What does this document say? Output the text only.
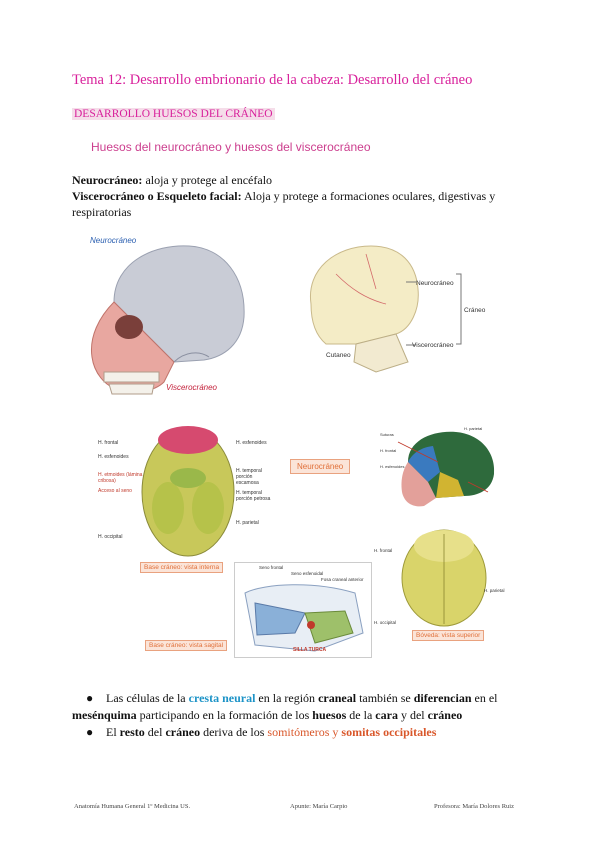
Tema 12: Desarrollo embrionario de la cabeza: Desarrollo del cráneo
DESARROLLO HUESOS DEL CRÁNEO
Huesos del neurocráneo y huesos del viscerocráneo
Neurocráneo: aloja y protege al encéfalo
Viscerocráneo o Esqueleto facial: Aloja y protege a formaciones oculares, digestivas y respiratorias
Neurocráneo
Viscerocráneo
Neurocráneo
Viscerocráneo
Cráneo
Cutaneo
H. frontal
H. esfenoides
H. etmoides (lámina cribosa)
Acceso al seno
H. esfenoides
H. temporal porción escamosa
H. temporal porción petrosa
H. parietal
H. occipital
Base cráneo: vista interna
Neurocráneo
H. parietal
Suturas
H. frontal
H. esfenoides
Seno frontal
Seno esfenoidal
Fosa craneal anterior
SILLA TURCA
Base cráneo: vista sagital
H. frontal
H. parietal
H. occipital
Bóveda: vista superior
● Las células de la cresta neural en la región craneal también se diferencian en el
mesénquima participando en la formación de los huesos de la cara y del cráneo
● El resto del cráneo deriva de los somitómeros y somitas occipitales
Anatomía Humana General 1º Medicina US.	Apunte: María Carpio	Profesora: María Dolores Ruiz
